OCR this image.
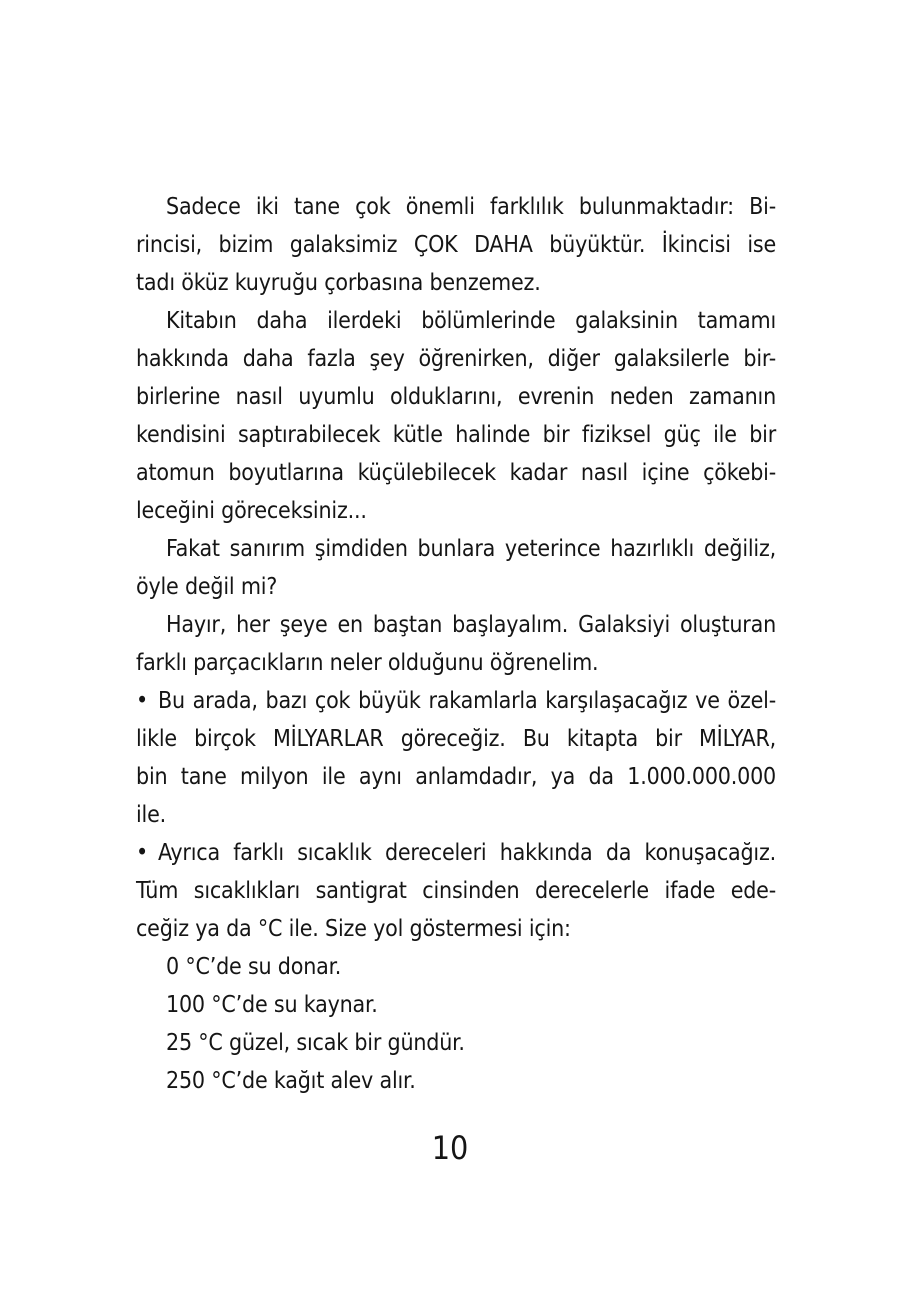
Sadece iki tane çok önemli farklılık bulunmaktadır: Bi-
rincisi, bizim galaksimiz ÇOK DAHA büyüktür. İkincisi ise
tadı öküz kuyruğu çorbasına benzemez.
Kitabın daha ilerdeki bölümlerinde galaksinin tamamı
hakkında daha fazla şey öğrenirken, diğer galaksilerle bir-
birlerine nasıl uyumlu olduklarını, evrenin neden zamanın
kendisini saptırabilecek kütle halinde bir fiziksel güç ile bir
atomun boyutlarına küçülebilecek kadar nasıl içine çökebi-
leceğini göreceksiniz...
Fakat sanırım şimdiden bunlara yeterince hazırlıklı değiliz,
öyle değil mi?
Hayır, her şeye en baştan başlayalım. Galaksiyi oluşturan
farklı parçacıkların neler olduğunu öğrenelim.
• Bu arada, bazı çok büyük rakamlarla karşılaşacağız ve özel-
likle birçok MİLYARLAR göreceğiz. Bu kitapta bir MİLYAR,
bin tane milyon ile aynı anlamdadır, ya da 1.000.000.000
ile.
• Ayrıca farklı sıcaklık dereceleri hakkında da konuşacağız.
Tüm sıcaklıkları santigrat cinsinden derecelerle ifade ede-
ceğiz ya da °C ile. Size yol göstermesi için:
0 °C’de su donar.
100 °C’de su kaynar.
25 °C güzel, sıcak bir gündür.
250 °C’de kağıt alev alır.
10
